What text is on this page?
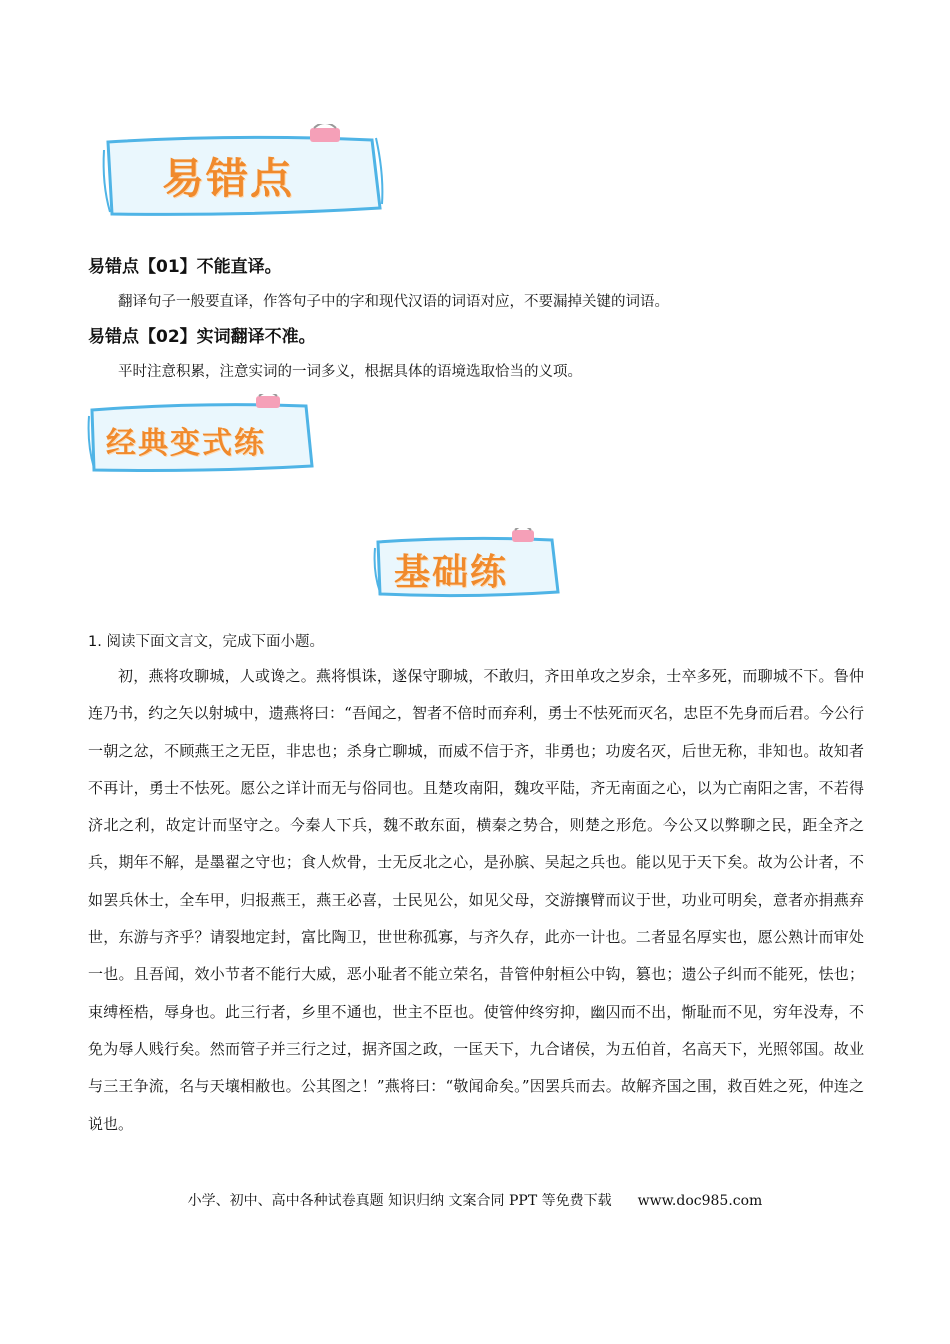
易错点
易错点【01】不能直译。
翻译句子一般要直译，作答句子中的字和现代汉语的词语对应，不要漏掉关键的词语。
易错点【02】实词翻译不准。
平时注意积累，注意实词的一词多义，根据具体的语境选取恰当的义项。
经典变式练
基础练
1. 阅读下面文言文，完成下面小题。
初，燕将攻聊城，人或谗之。燕将惧诛，遂保守聊城，不敢归，齐田单攻之岁余，士卒多死，而聊城不下。鲁仲连乃书，约之矢以射城中，遗燕将曰：“吾闻之，智者不倍时而弃利，勇士不怯死而灭名，忠臣不先身而后君。今公行一朝之忿，不顾燕王之无臣，非忠也；杀身亡聊城，而威不信于齐，非勇也；功废名灭，后世无称，非知也。故知者不再计，勇士不怯死。愿公之详计而无与俗同也。且楚攻南阳，魏攻平陆，齐无南面之心，以为亡南阳之害，不若得济北之利，故定计而坚守之。今秦人下兵，魏不敢东面，横秦之势合，则楚之形危。今公又以弊聊之民，距全齐之兵，期年不解，是墨翟之守也；食人炊骨，士无反北之心，是孙膑、吴起之兵也。能以见于天下矣。故为公计者，不如罢兵休士，全车甲，归报燕王，燕王必喜，士民见公，如见父母，交游攘臂而议于世，功业可明矣，意者亦捐燕弃世，东游与齐乎？请裂地定封，富比陶卫，世世称孤寡，与齐久存，此亦一计也。二者显名厚实也，愿公熟计而审处一也。且吾闻，效小节者不能行大威，恶小耻者不能立荣名，昔管仲射桓公中钩，篡也；遗公子纠而不能死，怯也；束缚桎梏，辱身也。此三行者，乡里不通也，世主不臣也。使管仲终穷抑，幽囚而不出，惭耻而不见，穷年没寿，不免为辱人贱行矣。然而管子并三行之过，据齐国之政，一匡天下，九合诸侯，为五伯首，名高天下，光照邻国。故业与三王争流，名与天壤相敝也。公其图之！”燕将曰：“敬闻命矣。”因罢兵而去。故解齐国之围，救百姓之死，仲连之说也。
小学、初中、高中各种试卷真题 知识归纳 文案合同 PPT 等免费下载 www.doc985.com
